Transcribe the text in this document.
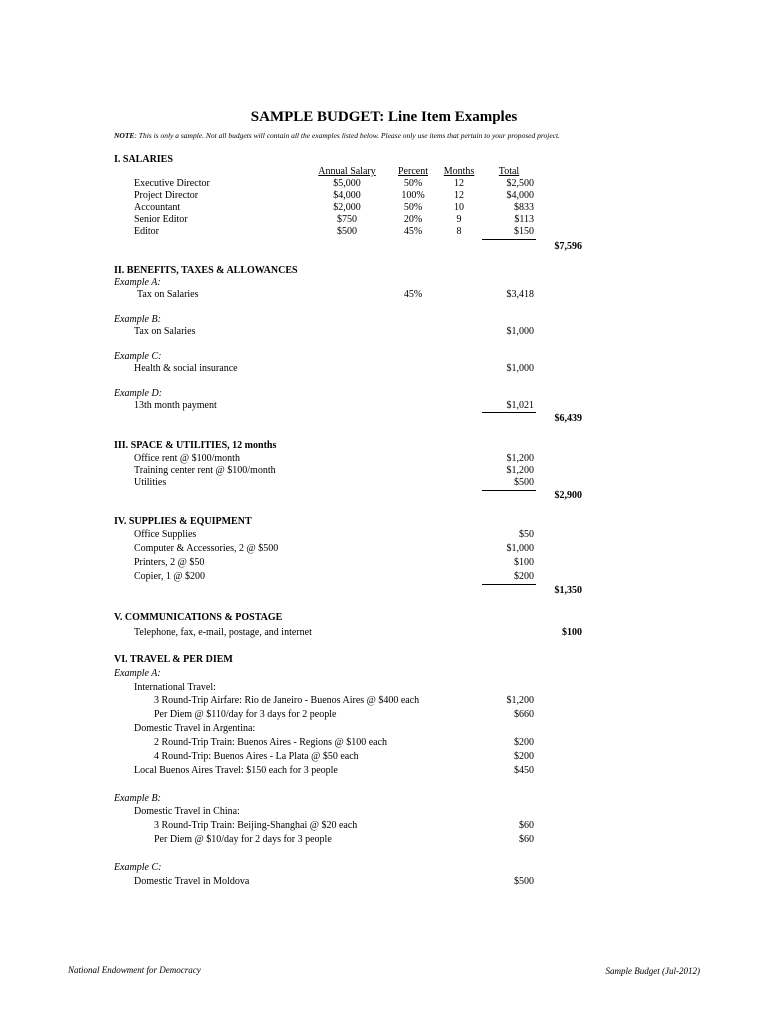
SAMPLE BUDGET: Line Item Examples
NOTE: This is only a sample. Not all budgets will contain all the examples listed below. Please only use items that pertain to your proposed project.
I. SALARIES
Annual Salary	Percent	Months	Total
Executive Director	$5,000	50%	12	$2,500
Project Director	$4,000	100%	12	$4,000
Accountant	$2,000	50%	10	$833
Senior Editor	$750	20%	9	$113
Editor	$500	45%	8	$150
$7,596
II. BENEFITS, TAXES & ALLOWANCES
Example A:
Tax on Salaries	45%	$3,418
Example B:
Tax on Salaries	$1,000
Example C:
Health & social insurance	$1,000
Example D:
13th month payment	$1,021
$6,439
III. SPACE & UTILITIES, 12 months
Office rent @ $100/month	$1,200
Training center rent @ $100/month	$1,200
Utilities	$500
$2,900
IV. SUPPLIES & EQUIPMENT
Office Supplies	$50
Computer & Accessories, 2 @ $500	$1,000
Printers, 2 @ $50	$100
Copier, 1 @ $200	$200
$1,350
V. COMMUNICATIONS & POSTAGE
Telephone, fax, e-mail, postage, and internet	$100
VI. TRAVEL & PER DIEM
Example A:
International Travel:
3 Round-Trip Airfare: Rio de Janeiro - Buenos Aires @ $400 each	$1,200
Per Diem @ $110/day for 3 days for 2 people	$660
Domestic Travel in Argentina:
2 Round-Trip Train: Buenos Aires - Regions @ $100 each	$200
4 Round-Trip: Buenos Aires - La Plata @ $50 each	$200
Local Buenos Aires Travel: $150 each for 3 people	$450
Example B:
Domestic Travel in China:
3 Round-Trip Train: Beijing-Shanghai @ $20 each	$60
Per Diem @ $10/day for 2 days for 3 people	$60
Example C:
Domestic Travel in Moldova	$500
National Endowment for Democracy	Sample Budget (Jul-2012)
